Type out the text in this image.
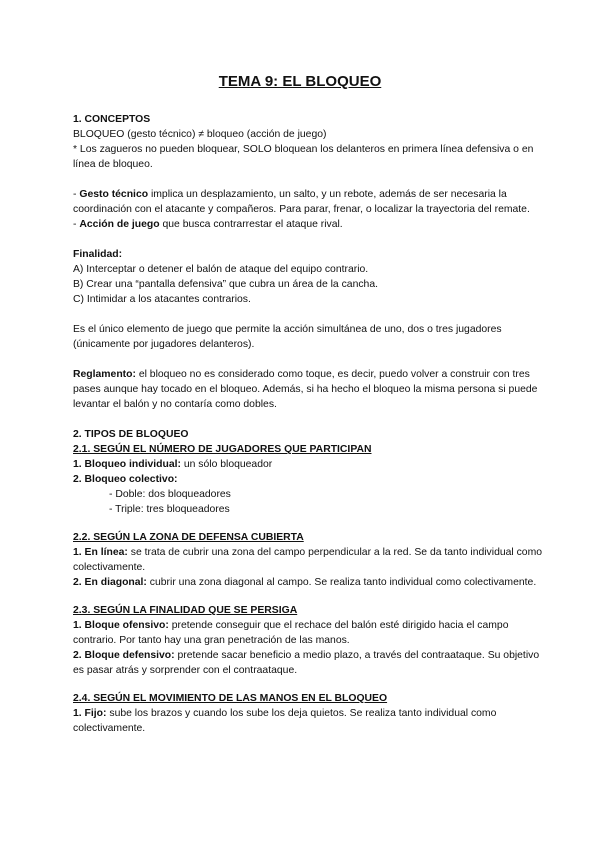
TEMA 9: EL BLOQUEO

1. CONCEPTOS

BLOQUEO (gesto técnico) ≠ bloqueo (acción de juego)

* Los zagueros no pueden bloquear, SOLO bloquean los delanteros en primera línea defensiva o en línea de bloqueo.

- Gesto técnico implica un desplazamiento, un salto, y un rebote, además de ser necesaria la coordinación con el atacante y compañeros. Para parar, frenar, o localizar la trayectoria del remate.

- Acción de juego que busca contrarrestar el ataque rival.

Finalidad:

A) Interceptar o detener el balón de ataque del equipo contrario.

B) Crear una “pantalla defensiva” que cubra un área de la cancha.

C) Intimidar a los atacantes contrarios.

Es el único elemento de juego que permite la acción simultánea de uno, dos o tres jugadores (únicamente por jugadores delanteros).

Reglamento: el bloqueo no es considerado como toque, es decir, puedo volver a construir con tres pases aunque hay tocado en el bloqueo. Además, si ha hecho el bloqueo la misma persona si puede levantar el balón y no contaría como dobles.

2. TIPOS DE BLOQUEO

2.1. SEGÚN EL NÚMERO DE JUGADORES QUE PARTICIPAN

1. Bloqueo individual: un sólo bloqueador

2. Bloqueo colectivo:

- Doble: dos bloqueadores

- Triple: tres bloqueadores

2.2. SEGÚN LA ZONA DE DEFENSA CUBIERTA

1. En línea: se trata de cubrir una zona del campo perpendicular a la red. Se da tanto individual como colectivamente.

2. En diagonal: cubrir una zona diagonal al campo. Se realiza tanto individual como colectivamente.

2.3. SEGÚN LA FINALIDAD QUE SE PERSIGA

1. Bloque ofensivo: pretende conseguir que el rechace del balón esté dirigido hacia el campo contrario. Por tanto hay una gran penetración de las manos.

2. Bloque defensivo: pretende sacar beneficio a medio plazo, a través del contraataque. Su objetivo es pasar atrás y sorprender con el contraataque.

2.4. SEGÚN EL MOVIMIENTO DE LAS MANOS EN EL BLOQUEO

1. Fijo: sube los brazos y cuando los sube los deja quietos. Se realiza tanto individual como colectivamente.
